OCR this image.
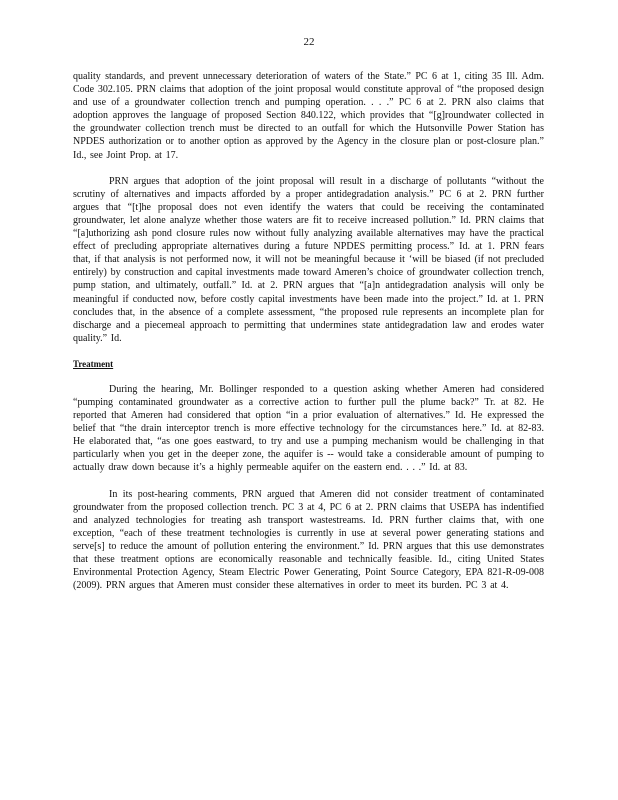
22

quality standards, and prevent unnecessary deterioration of waters of the State.” PC 6 at 1, citing 35 Ill. Adm. Code 302.105. PRN claims that adoption of the joint proposal would constitute approval of “the proposed design and use of a groundwater collection trench and pumping operation. . . .” PC 6 at 2. PRN also claims that adoption approves the language of proposed Section 840.122, which provides that “[g]roundwater collected in the groundwater collection trench must be directed to an outfall for which the Hutsonville Power Station has NPDES authorization or to another option as approved by the Agency in the closure plan or post-closure plan.” Id., see Joint Prop. at 17.

PRN argues that adoption of the joint proposal will result in a discharge of pollutants “without the scrutiny of alternatives and impacts afforded by a proper antidegradation analysis.” PC 6 at 2. PRN further argues that “[t]he proposal does not even identify the waters that could be receiving the contaminated groundwater, let alone analyze whether those waters are fit to receive increased pollution.” Id. PRN claims that “[a]uthorizing ash pond closure rules now without fully analyzing available alternatives may have the practical effect of precluding appropriate alternatives during a future NPDES permitting process.” Id. at 1. PRN fears that, if that analysis is not performed now, it will not be meaningful because it ‘will be biased (if not precluded entirely) by construction and capital investments made toward Ameren’s choice of groundwater collection trench, pump station, and ultimately, outfall.” Id. at 2. PRN argues that “[a]n antidegradation analysis will only be meaningful if conducted now, before costly capital investments have been made into the project.” Id. at 1. PRN concludes that, in the absence of a complete assessment, “the proposed rule represents an incomplete plan for discharge and a piecemeal approach to permitting that undermines state antidegradation law and erodes water quality.” Id.

Treatment

During the hearing, Mr. Bollinger responded to a question asking whether Ameren had considered “pumping contaminated groundwater as a corrective action to further pull the plume back?” Tr. at 82. He reported that Ameren had considered that option “in a prior evaluation of alternatives.” Id. He expressed the belief that “the drain interceptor trench is more effective technology for the circumstances here.” Id. at 82-83. He elaborated that, “as one goes eastward, to try and use a pumping mechanism would be challenging in that particularly when you get in the deeper zone, the aquifer is -- would take a considerable amount of pumping to actually draw down because it’s a highly permeable aquifer on the eastern end. . . .” Id. at 83.

In its post-hearing comments, PRN argued that Ameren did not consider treatment of contaminated groundwater from the proposed collection trench. PC 3 at 4, PC 6 at 2. PRN claims that USEPA has indentified and analyzed technologies for treating ash transport wastestreams. Id. PRN further claims that, with one exception, “each of these treatment technologies is currently in use at several power generating stations and serve[s] to reduce the amount of pollution entering the environment.” Id. PRN argues that this use demonstrates that these treatment options are economically reasonable and technically feasible. Id., citing United States Environmental Protection Agency, Steam Electric Power Generating, Point Source Category, EPA 821-R-09-008 (2009). PRN argues that Ameren must consider these alternatives in order to meet its burden. PC 3 at 4.
